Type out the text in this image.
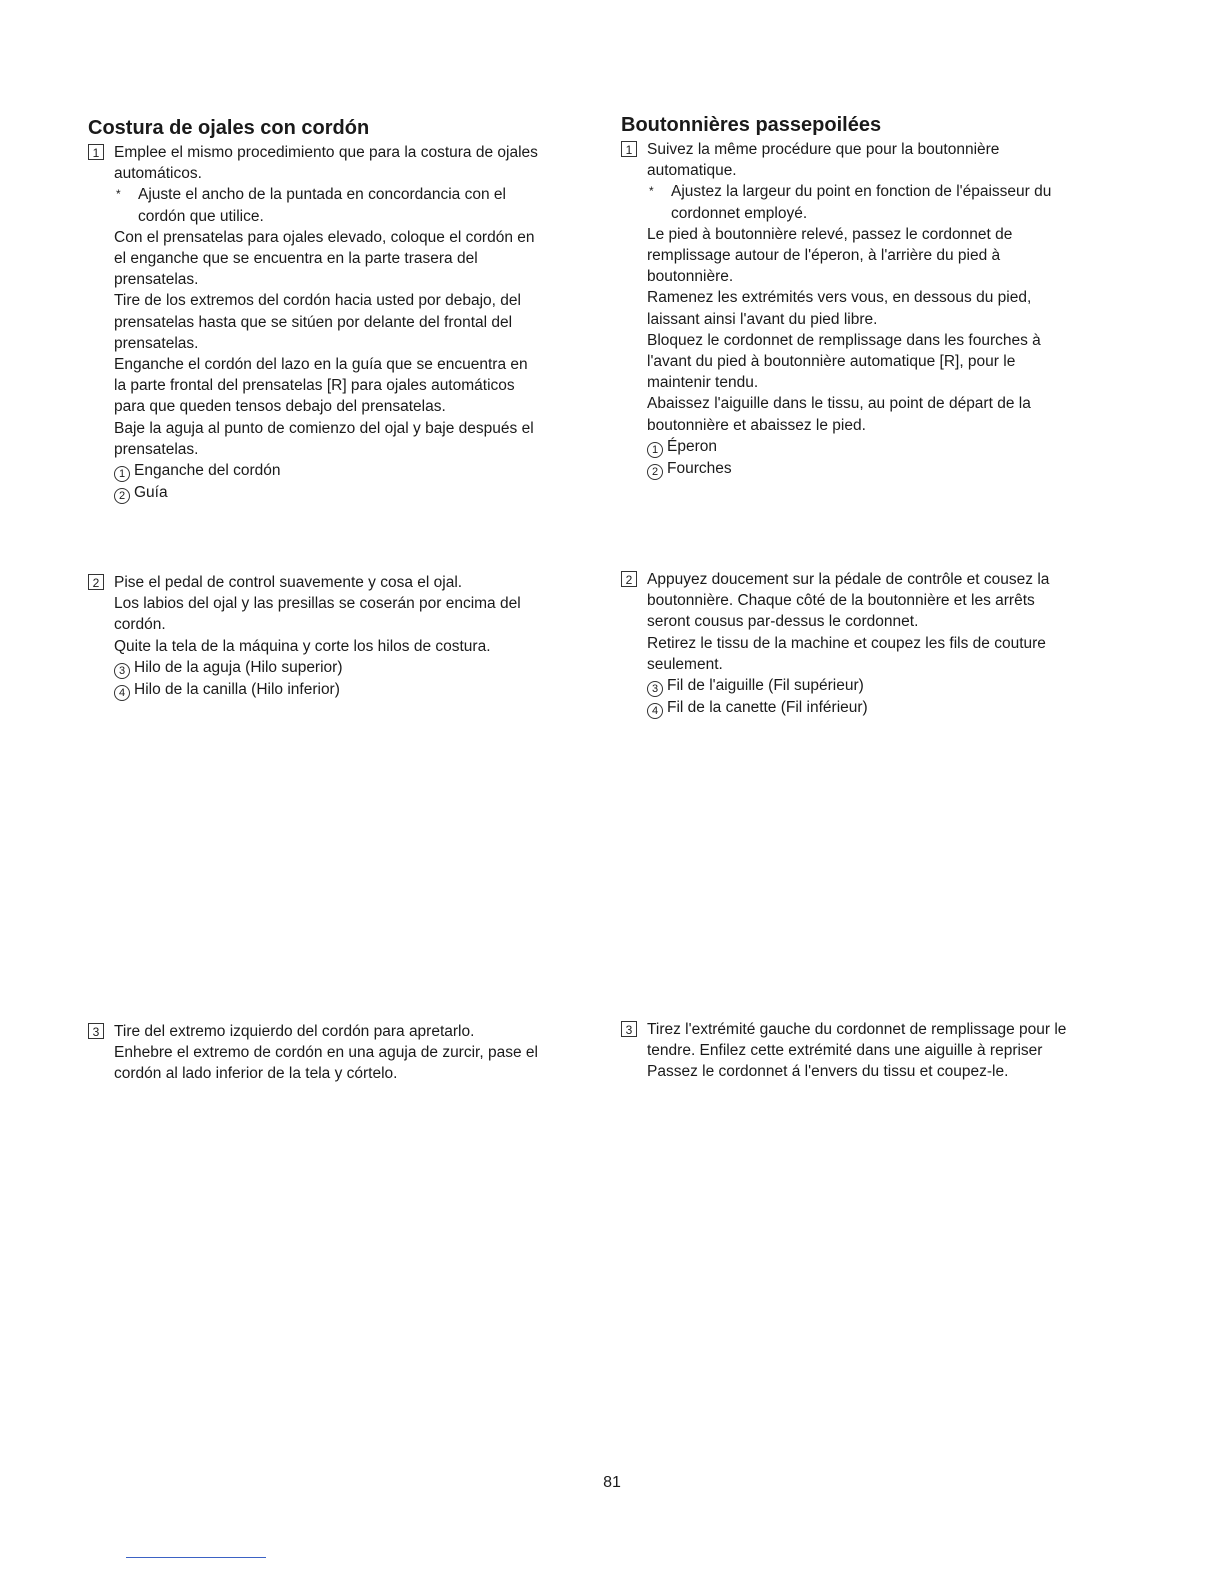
Costura de ojales con cordón
1 Emplee el mismo procedimiento que para la costura de ojales
automáticos.
* Ajuste el ancho de la puntada en concordancia con el
cordón que utilice.
Con el prensatelas para ojales elevado, coloque el cordón en
el enganche que se encuentra en la parte trasera del
prensatelas.
Tire de los extremos del cordón hacia usted por debajo, del
prensatelas hasta que se sitúen por delante del frontal del
prensatelas.
Enganche el cordón del lazo en la guía que se encuentra en
la parte frontal del prensatelas [R] para ojales automáticos
para que queden tensos debajo del prensatelas.
Baje la aguja al punto de comienzo del ojal y baje después el
prensatelas.
1 Enganche del cordón
2 Guía
2 Pise el pedal de control suavemente y cosa el ojal.
Los labios del ojal y las presillas se coserán por encima del
cordón.
Quite la tela de la máquina y corte los hilos de costura.
3 Hilo de la aguja (Hilo superior)
4 Hilo de la canilla (Hilo inferior)
3 Tire del extremo izquierdo del cordón para apretarlo.
Enhebre el extremo de cordón en una aguja de zurcir, pase el
cordón al lado inferior de la tela y córtelo.
Boutonnières passepoilées
1 Suivez la même procédure que pour la boutonnière
automatique.
* Ajustez la largeur du point en fonction de l'épaisseur du
cordonnet employé.
Le pied à boutonnière relevé, passez le cordonnet de
remplissage autour de l'éperon, à l'arrière du pied à
boutonnière.
Ramenez les extrémités vers vous, en dessous du pied,
laissant ainsi l'avant du pied libre.
Bloquez le cordonnet de remplissage dans les fourches à
l'avant du pied à boutonnière automatique [R], pour le
maintenir tendu.
Abaissez l'aiguille dans le tissu, au point de départ de la
boutonnière et abaissez le pied.
1 Éperon
2 Fourches
2 Appuyez doucement sur la pédale de contrôle et cousez la
boutonnière. Chaque côté de la boutonnière et les arrêts
seront cousus par-dessus le cordonnet.
Retirez le tissu de la machine et coupez les fils de couture
seulement.
3 Fil de l'aiguille (Fil supérieur)
4 Fil de la canette (Fil inférieur)
3 Tirez l'extrémité gauche du cordonnet de remplissage pour le
tendre. Enfilez cette extrémité dans une aiguille à repriser
Passez le cordonnet á l'envers du tissu et coupez-le.
81
